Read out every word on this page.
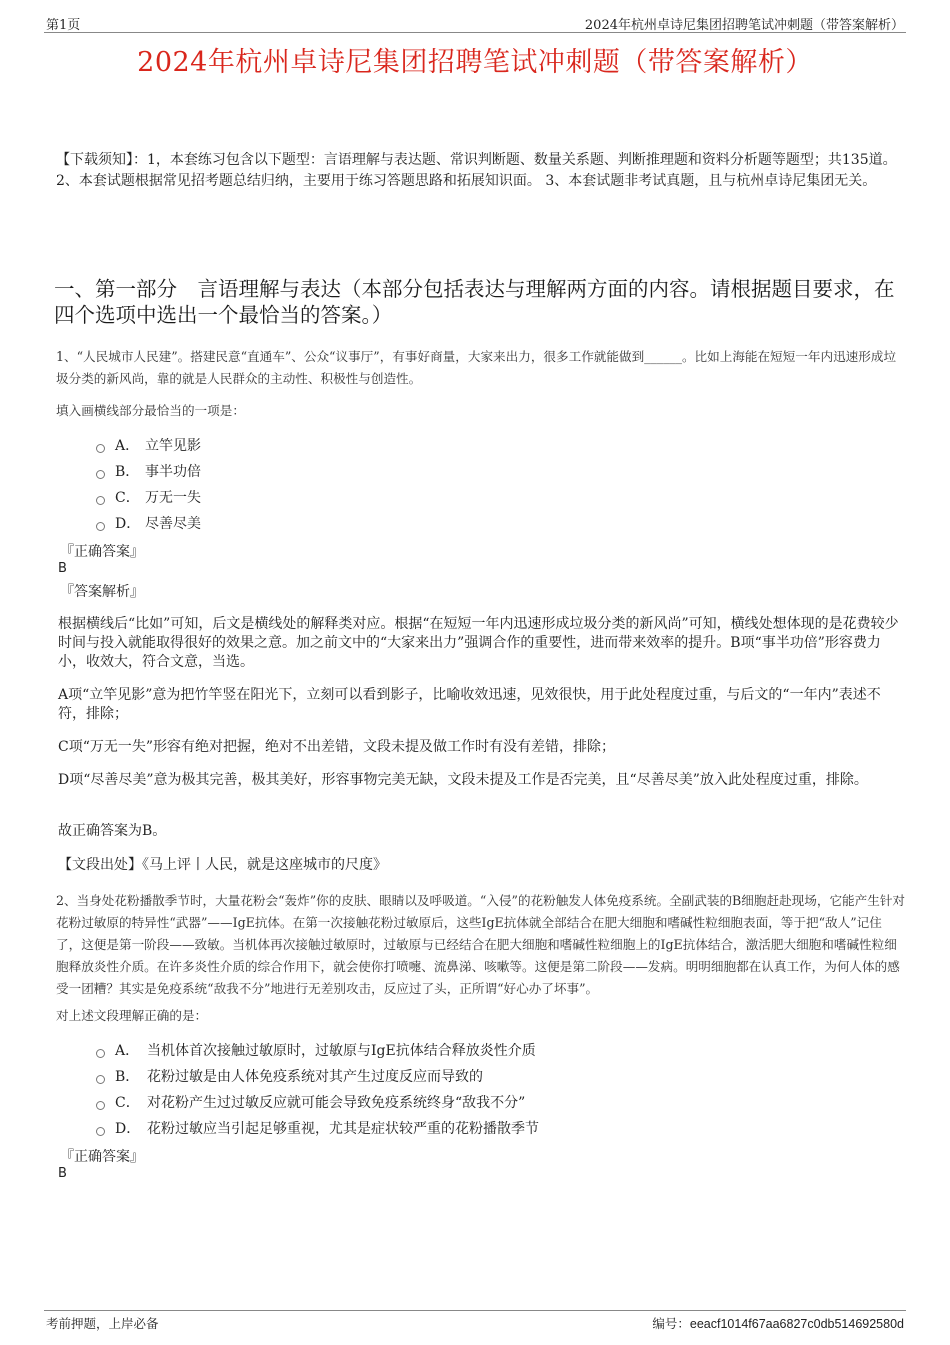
第1页	2024年杭州卓诗尼集团招聘笔试冲刺题（带答案解析）
2024年杭州卓诗尼集团招聘笔试冲刺题（带答案解析）
【下载须知】：1，本套练习包含以下题型：言语理解与表达题、常识判断题、数量关系题、判断推理题和资料分析题等题型；共135道。 2、本套试题根据常见招考题总结归纳，主要用于练习答题思路和拓展知识面。 3、本套试题非考试真题，且与杭州卓诗尼集团无关。
一、第一部分　言语理解与表达（本部分包括表达与理解两方面的内容。请根据题目要求，在四个选项中选出一个最恰当的答案。）
1、“人民城市人民建”。搭建民意“直通车”、公众“议事厅”，有事好商量，大家来出力，很多工作就能做到______。比如上海能在短短一年内迅速形成垃圾分类的新风尚，靠的就是人民群众的主动性、积极性与创造性。
填入画横线部分最恰当的一项是：
A． 立竿见影
B． 事半功倍
C． 万无一失
D． 尽善尽美
『正确答案』
B
『答案解析』
根据横线后“比如”可知，后文是横线处的解释类对应。根据“在短短一年内迅速形成垃圾分类的新风尚”可知，横线处想体现的是花费较少时间与投入就能取得很好的效果之意。加之前文中的“大家来出力”强调合作的重要性，进而带来效率的提升。B项“事半功倍”形容费力小，收效大，符合文意，当选。
A项“立竿见影”意为把竹竿竖在阳光下，立刻可以看到影子，比喻收效迅速，见效很快，用于此处程度过重，与后文的“一年内”表述不符，排除；
C项“万无一失”形容有绝对把握，绝对不出差错，文段未提及做工作时有没有差错，排除；
D项“尽善尽美”意为极其完善，极其美好，形容事物完美无缺，文段未提及工作是否完美，且“尽善尽美”放入此处程度过重，排除。
故正确答案为B。
【文段出处】《马上评丨人民，就是这座城市的尺度》
2、当身处花粉播散季节时，大量花粉会“轰炸”你的皮肤、眼睛以及呼吸道。“入侵”的花粉触发人体免疫系统。全副武装的B细胞赶赴现场，它能产生针对花粉过敏原的特异性“武器”——IgE抗体。在第一次接触花粉过敏原后，这些IgE抗体就全部结合在肥大细胞和嗜碱性粒细胞表面，等于把“敌人”记住了，这便是第一阶段——致敏。当机体再次接触过敏原时，过敏原与已经结合在肥大细胞和嗜碱性粒细胞上的IgE抗体结合，激活肥大细胞和嗜碱性粒细胞释放炎性介质。在许多炎性介质的综合作用下，就会使你打喷嚏、流鼻涕、咳嗽等。这便是第二阶段——发病。明明细胞都在认真工作，为何人体的感受一团糟？其实是免疫系统“敌我不分”地进行无差别攻击，反应过了头，正所谓“好心办了坏事”。
对上述文段理解正确的是：
A． 当机体首次接触过敏原时，过敏原与IgE抗体结合释放炎性介质
B． 花粉过敏是由人体免疫系统对其产生过度反应而导致的
C． 对花粉产生过过敏反应就可能会导致免疫系统终身“敌我不分”
D． 花粉过敏应当引起足够重视，尤其是症状较严重的花粉播散季节
『正确答案』
B
考前押题，上岸必备	编号：eeacf1014f67aa6827c0db514692580d
